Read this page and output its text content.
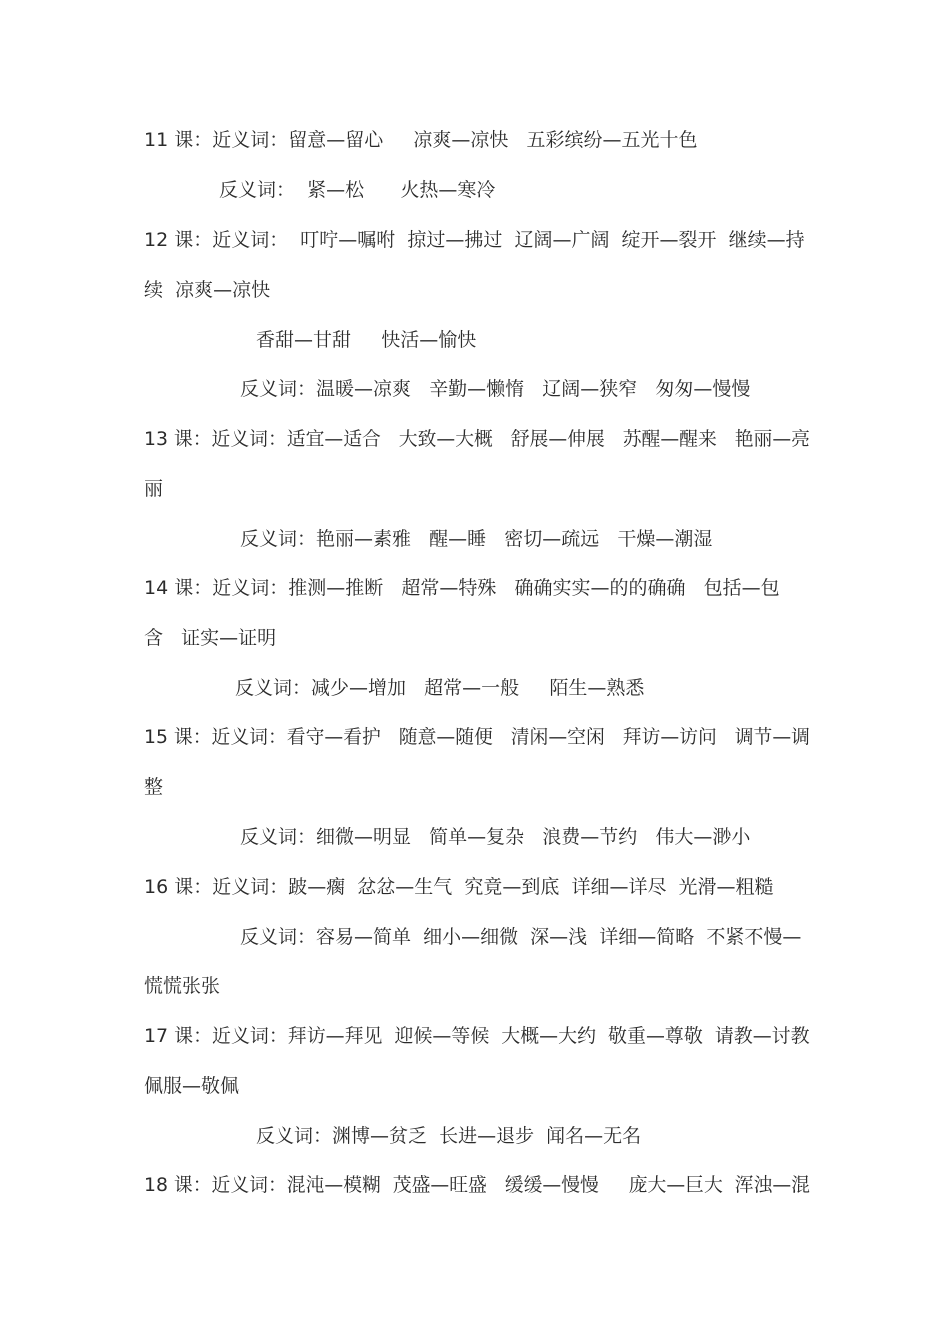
11 课：近义词：留意—留心     凉爽—凉快   五彩缤纷—五光十色
反义词：  紧—松      火热—寒冷
12 课：近义词：  叮咛—嘱咐  掠过—拂过  辽阔—广阔  绽开—裂开  继续—持
续  凉爽—凉快
香甜—甘甜     快活—愉快
反义词：温暖—凉爽   辛勤—懒惰   辽阔—狭窄   匆匆—慢慢
13 课：近义词：适宜—适合   大致—大概   舒展—伸展   苏醒—醒来   艳丽—亮
丽
反义词：艳丽—素雅   醒—睡   密切—疏远   干燥—潮湿
14 课：近义词：推测—推断   超常—特殊   确确实实—的的确确   包括—包
含   证实—证明
反义词：减少—增加   超常—一般     陌生—熟悉
15 课：近义词：看守—看护   随意—随便   清闲—空闲   拜访—访问   调节—调
整
反义词：细微—明显   简单—复杂   浪费—节约   伟大—渺小
16 课：近义词：跛—瘸  忿忿—生气  究竟—到底  详细—详尽  光滑—粗糙
反义词：容易—简单  细小—细微  深—浅  详细—简略  不紧不慢—
慌慌张张
17 课：近义词：拜访—拜见  迎候—等候  大概—大约  敬重—尊敬  请教—讨教
佩服—敬佩
反义词：渊博—贫乏  长进—退步  闻名—无名
18 课：近义词：混沌—模糊  茂盛—旺盛   缓缓—慢慢     庞大—巨大  浑浊—混
